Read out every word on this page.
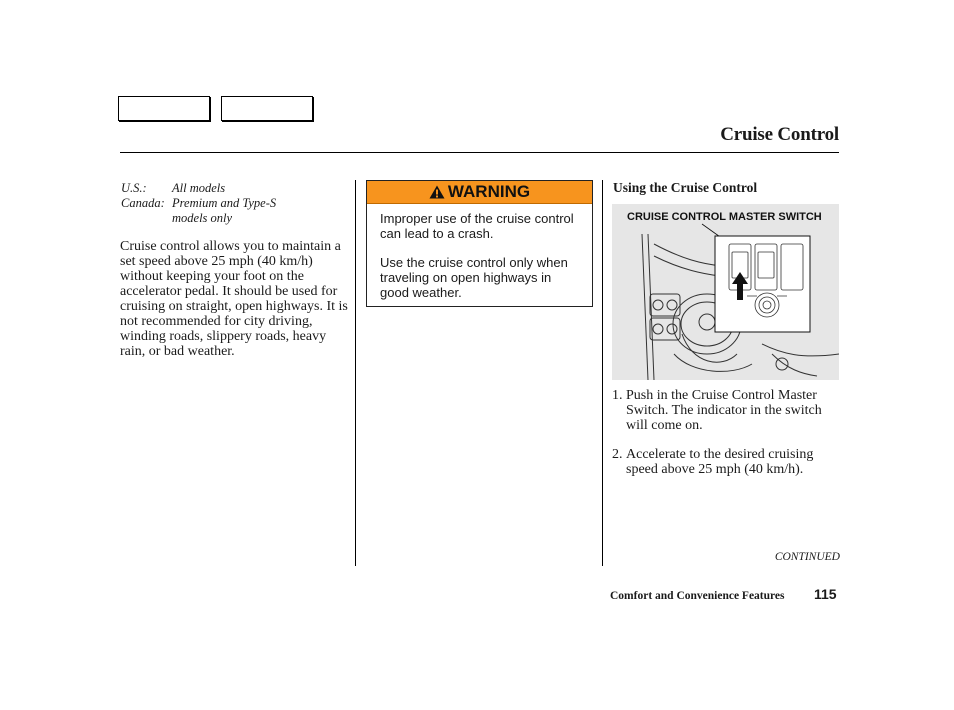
Cruise Control
U.S.:	All models
Canada: Premium and Type-S
models only
Cruise control allows you to maintain a set speed above 25 mph (40 km/h) without keeping your foot on the accelerator pedal. It should be used for cruising on straight, open highways. It is not recommended for city driving, winding roads, slippery roads, heavy rain, or bad weather.
WARNING

Improper use of the cruise control can lead to a crash.

Use the cruise control only when traveling on open highways in good weather.

Using the Cruise Control
CRUISE CONTROL MASTER SWITCH
1. Push in the Cruise Control Master Switch. The indicator in the switch will come on.
2. Accelerate to the desired cruising speed above 25 mph (40 km/h).
CONTINUED
Comfort and Convenience Features 115
